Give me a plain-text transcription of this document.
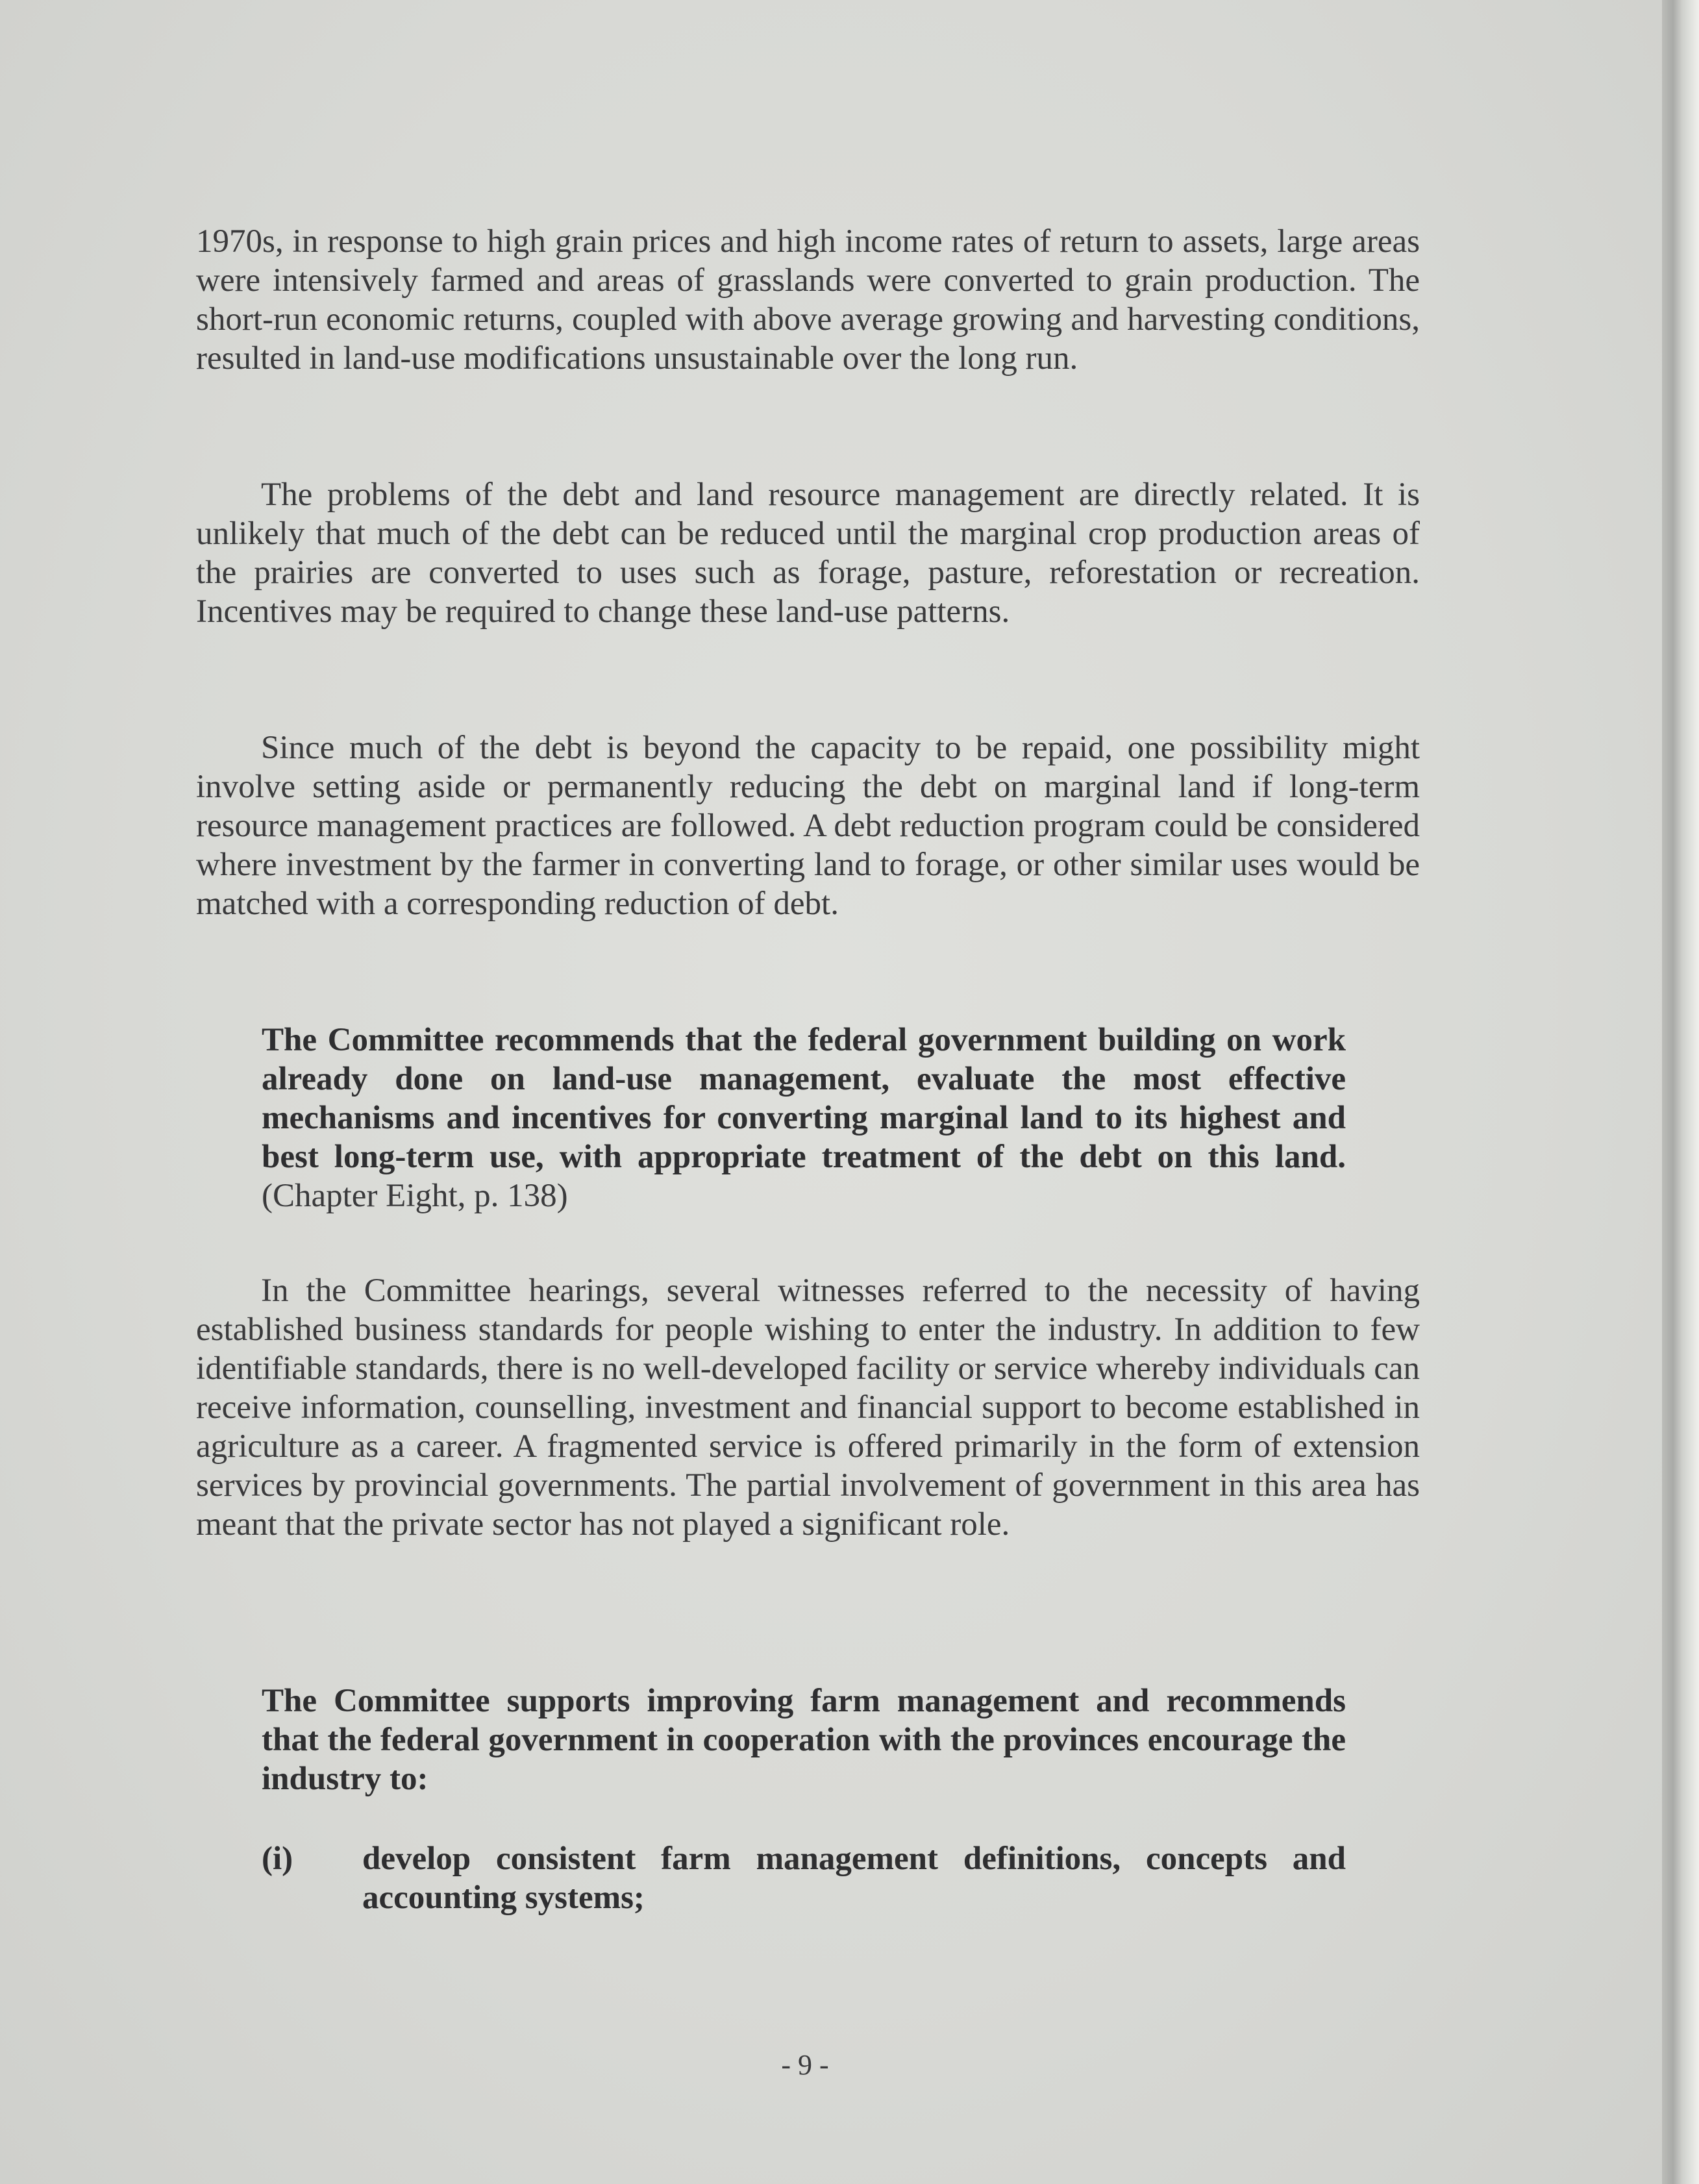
1970s, in response to high grain prices and high income rates of return to assets, large areas were intensively farmed and areas of grasslands were converted to grain production. The short-run economic returns, coupled with above average growing and harvesting conditions, resulted in land-use modifications unsustainable over the long run.

The problems of the debt and land resource management are directly related. It is unlikely that much of the debt can be reduced until the marginal crop production areas of the prairies are converted to uses such as forage, pasture, reforestation or recreation. Incentives may be required to change these land-use patterns.

Since much of the debt is beyond the capacity to be repaid, one possibility might involve setting aside or permanently reducing the debt on marginal land if long-term resource management practices are followed. A debt reduction program could be considered where investment by the farmer in converting land to forage, or other similar uses would be matched with a corresponding reduction of debt.

The Committee recommends that the federal government building on work already done on land-use management, evaluate the most effective mechanisms and incentives for converting marginal land to its highest and best long-term use, with appropriate treatment of the debt on this land. (Chapter Eight, p. 138)

In the Committee hearings, several witnesses referred to the necessity of having established business standards for people wishing to enter the industry. In addition to few identifiable standards, there is no well-developed facility or service whereby individuals can receive information, counselling, investment and financial support to become established in agriculture as a career. A fragmented service is offered primarily in the form of extension services by provincial governments. The partial involvement of government in this area has meant that the private sector has not played a significant role.

The Committee supports improving farm management and recommends that the federal government in cooperation with the provinces encourage the industry to:

(i)	develop consistent farm management definitions, concepts and accounting systems;
- 9 -
